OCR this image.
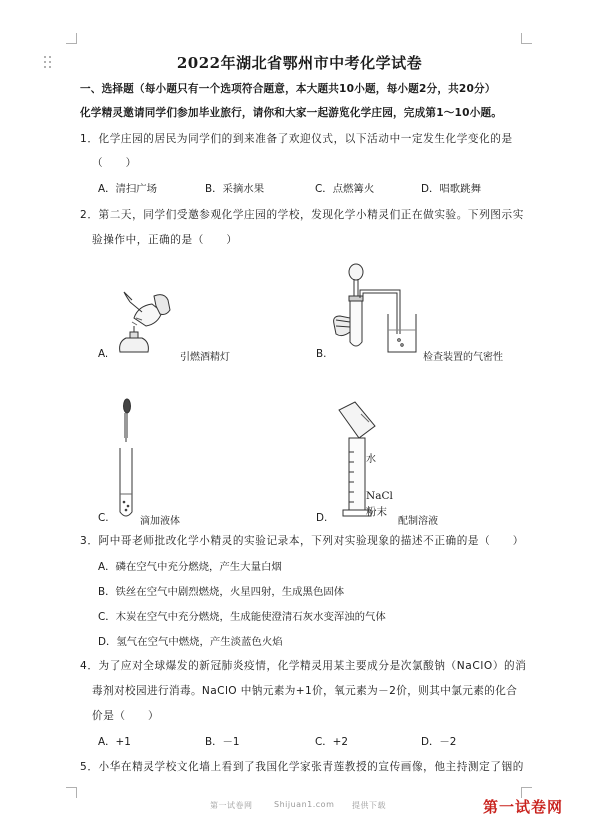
2022年湖北省鄂州市中考化学试卷
一、选择题（每小题只有一个选项符合题意，本大题共10小题，每小题2分，共20分）
化学精灵邀请同学们参加毕业旅行，请你和大家一起游览化学庄园，完成第1～10小题。
1．化学庄园的居民为同学们的到来准备了欢迎仪式，以下活动中一定发生化学变化的是
（　　）
A．清扫广场	B．采摘水果	C．点燃篝火	D．唱歌跳舞
2．第二天，同学们受邀参观化学庄园的学校，发现化学小精灵们正在做实验。下列图示实
验操作中，正确的是（　　）
A.	引燃酒精灯	B.	检查装置的气密性
C.	滴加液体
水
NaCl
粉末
D.	配制溶液
3．阿中哥老师批改化学小精灵的实验记录本，下列对实验现象的描述不正确的是（　　）
A．磷在空气中充分燃烧，产生大量白烟
B．铁丝在空气中剧烈燃烧，火星四射，生成黑色固体
C．木炭在空气中充分燃烧，生成能使澄清石灰水变浑浊的气体
D．氢气在空气中燃烧，产生淡蓝色火焰
4．为了应对全球爆发的新冠肺炎疫情，化学精灵用某主要成分是次氯酸钠（NaClO）的消
毒剂对校园进行消毒。NaClO 中钠元素为+1价，氧元素为－2价，则其中氯元素的化合
价是（　　）
A．+1	B．－1	C．+2	D．－2
5．小华在精灵学校文化墙上看到了我国化学家张青莲教授的宣传画像，他主持测定了铟的
第一试卷网	Shijuan1.com 提供下载	第一试卷网
